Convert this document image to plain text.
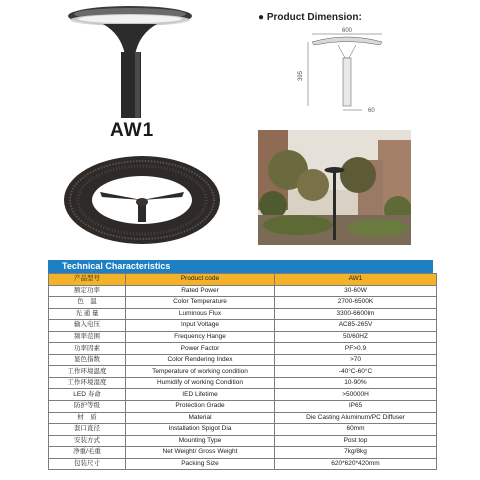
AW1
● Product Dimension:
600
395
60
Technical Characteristics
产品型号	Product code	AW1
额定功率	Rated Power	30-60W
色　温	Color Temperature	2700-6500K
光 通 量	Luminous Flux	3300-6600lm
输入电压	Input Voltage	AC85-265V
频率范围	Frequency Hange	50/60HZ
功率因素	Power Factor	PF>0.9
显色指数	Color Rendering Index	>70
工作环境温度	Temperature of working condition	-40°C-60°C
工作环境湿度	Humidify of working Condition	10-90%
LED 寿命	IED Lifetime	>50000H
防护等级	Protection Grade	IP65
材　质	Material	Die Casting Aluminum/PC Diffuser
套口直径	Installation Spigot Dia	60mm
安装方式	Mounting Type	Post top
净重/毛重	Net Weight/ Gross Weight	7kg/8kg
包装尺寸	Packing Size	620*620*420mm
